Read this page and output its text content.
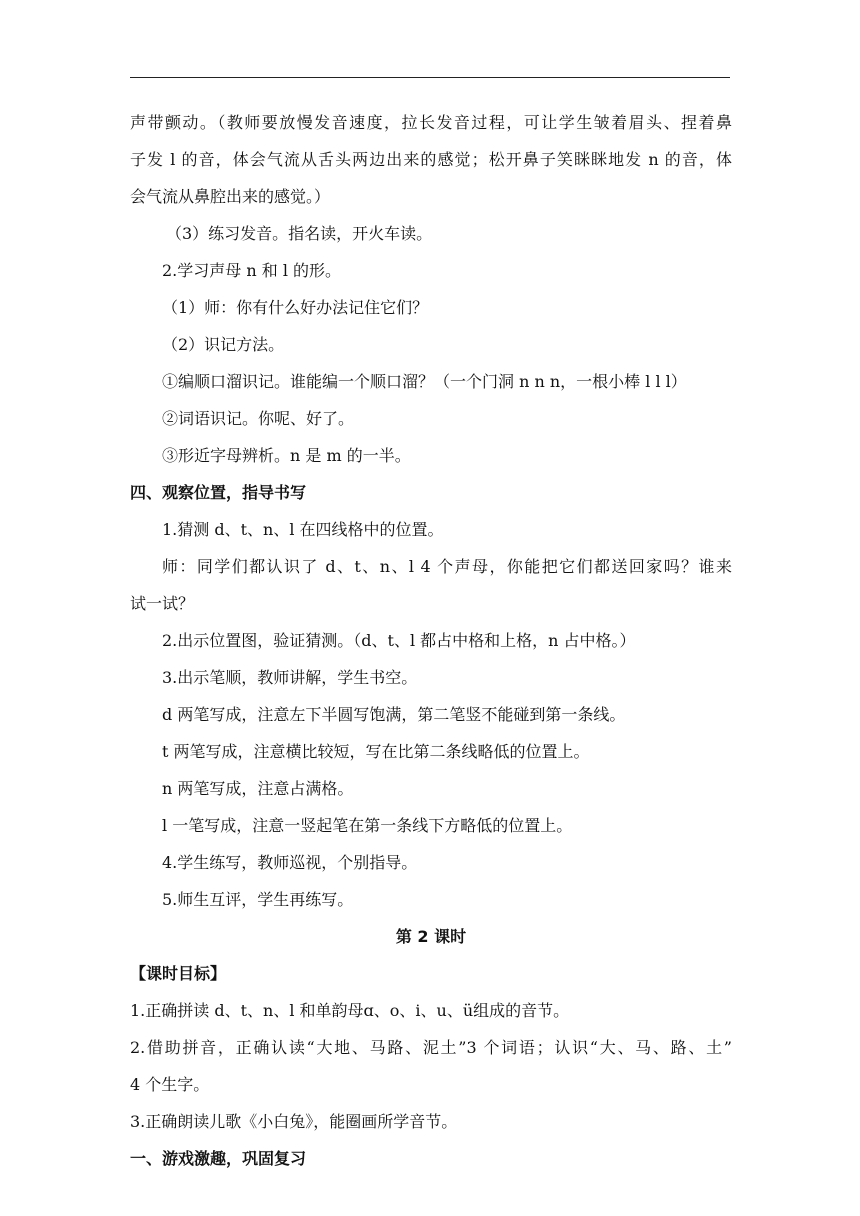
声带颤动。（教师要放慢发音速度，拉长发音过程，可让学生皱着眉头、捏着鼻
子发 l 的音，体会气流从舌头两边出来的感觉；松开鼻子笑眯眯地发 n 的音，体
会气流从鼻腔出来的感觉。）
（3）练习发音。指名读，开火车读。
2.学习声母 n 和 l 的形。
（1）师：你有什么好办法记住它们？
（2）识记方法。
①编顺口溜识记。谁能编一个顺口溜？（一个门洞 n n n，一根小棒 l l l）
②词语识记。你呢、好了。
③形近字母辨析。n 是 m 的一半。
四、观察位置，指导书写
1.猜测 d、t、n、l 在四线格中的位置。
师：同学们都认识了 d、t、n、l 4 个声母，你能把它们都送回家吗？谁来
试一试？
2.出示位置图，验证猜测。（d、t、l 都占中格和上格，n 占中格。）
3.出示笔顺，教师讲解，学生书空。
d 两笔写成，注意左下半圆写饱满，第二笔竖不能碰到第一条线。
t 两笔写成，注意横比较短，写在比第二条线略低的位置上。
n 两笔写成，注意占满格。
l 一笔写成，注意一竖起笔在第一条线下方略低的位置上。
4.学生练写，教师巡视，个别指导。
5.师生互评，学生再练写。
第 2 课时
【课时目标】
1.正确拼读 d、t、n、l 和单韵母ɑ、o、i、u、ü组成的音节。
2.借助拼音，正确认读“大地、马路、泥土”3 个词语；认识“大、马、路、土”
4 个生字。
3.正确朗读儿歌《小白兔》，能圈画所学音节。
一、游戏激趣，巩固复习
